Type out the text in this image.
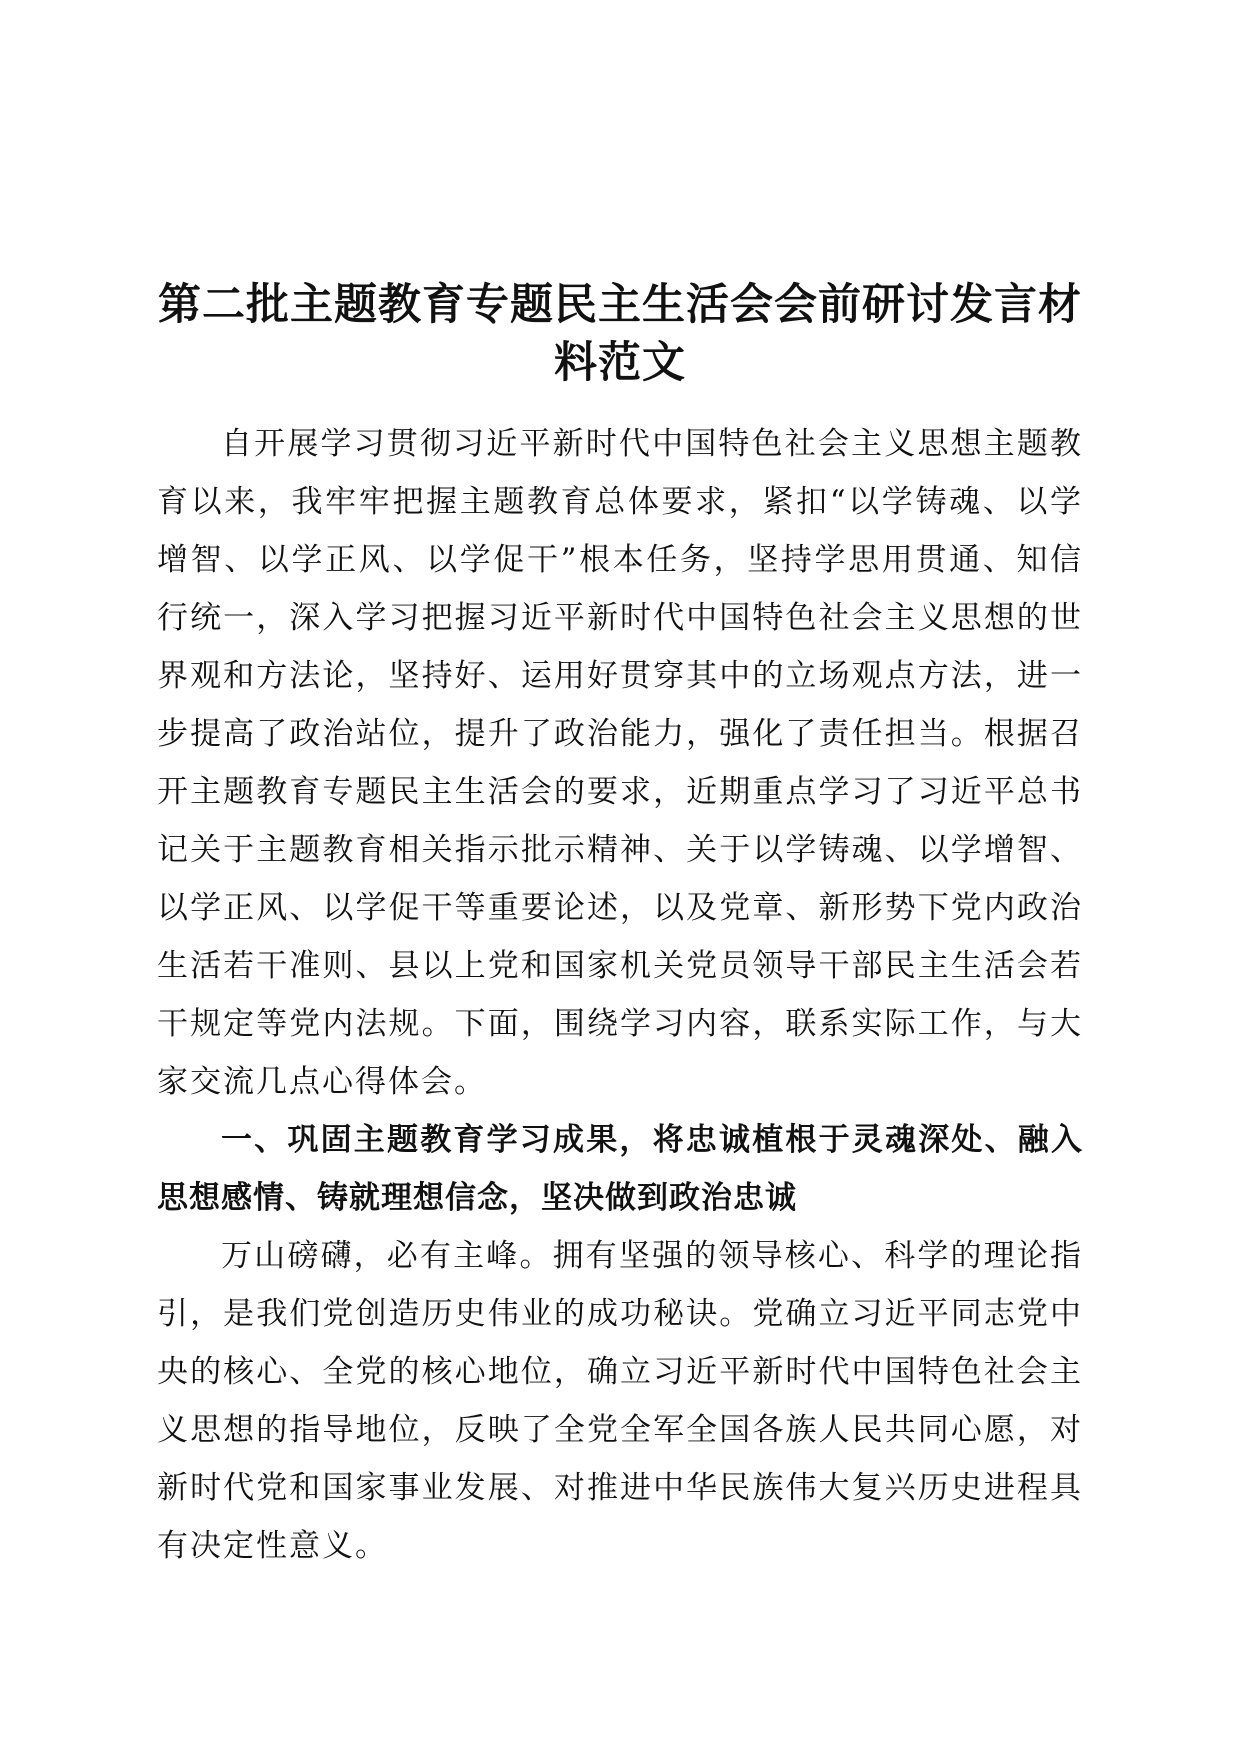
第二批主题教育专题民主生活会会前研讨发言材料范文

自开展学习贯彻习近平新时代中国特色社会主义思想主题教育以来，我牢牢把握主题教育总体要求，紧扣“以学铸魂、以学增智、以学正风、以学促干”根本任务，坚持学思用贯通、知信行统一，深入学习把握习近平新时代中国特色社会主义思想的世界观和方法论，坚持好、运用好贯穿其中的立场观点方法，进一步提高了政治站位，提升了政治能力，强化了责任担当。根据召开主题教育专题民主生活会的要求，近期重点学习了习近平总书记关于主题教育相关指示批示精神、关于以学铸魂、以学增智、以学正风、以学促干等重要论述，以及党章、新形势下党内政治生活若干准则、县以上党和国家机关党员领导干部民主生活会若干规定等党内法规。下面，围绕学习内容，联系实际工作，与大家交流几点心得体会。

一、巩固主题教育学习成果，将忠诚植根于灵魂深处、融入思想感情、铸就理想信念，坚决做到政治忠诚

万山磅礴，必有主峰。拥有坚强的领导核心、科学的理论指引，是我们党创造历史伟业的成功秘诀。党确立习近平同志党中央的核心、全党的核心地位，确立习近平新时代中国特色社会主义思想的指导地位，反映了全党全军全国各族人民共同心愿，对新时代党和国家事业发展、对推进中华民族伟大复兴历史进程具有决定性意义。
